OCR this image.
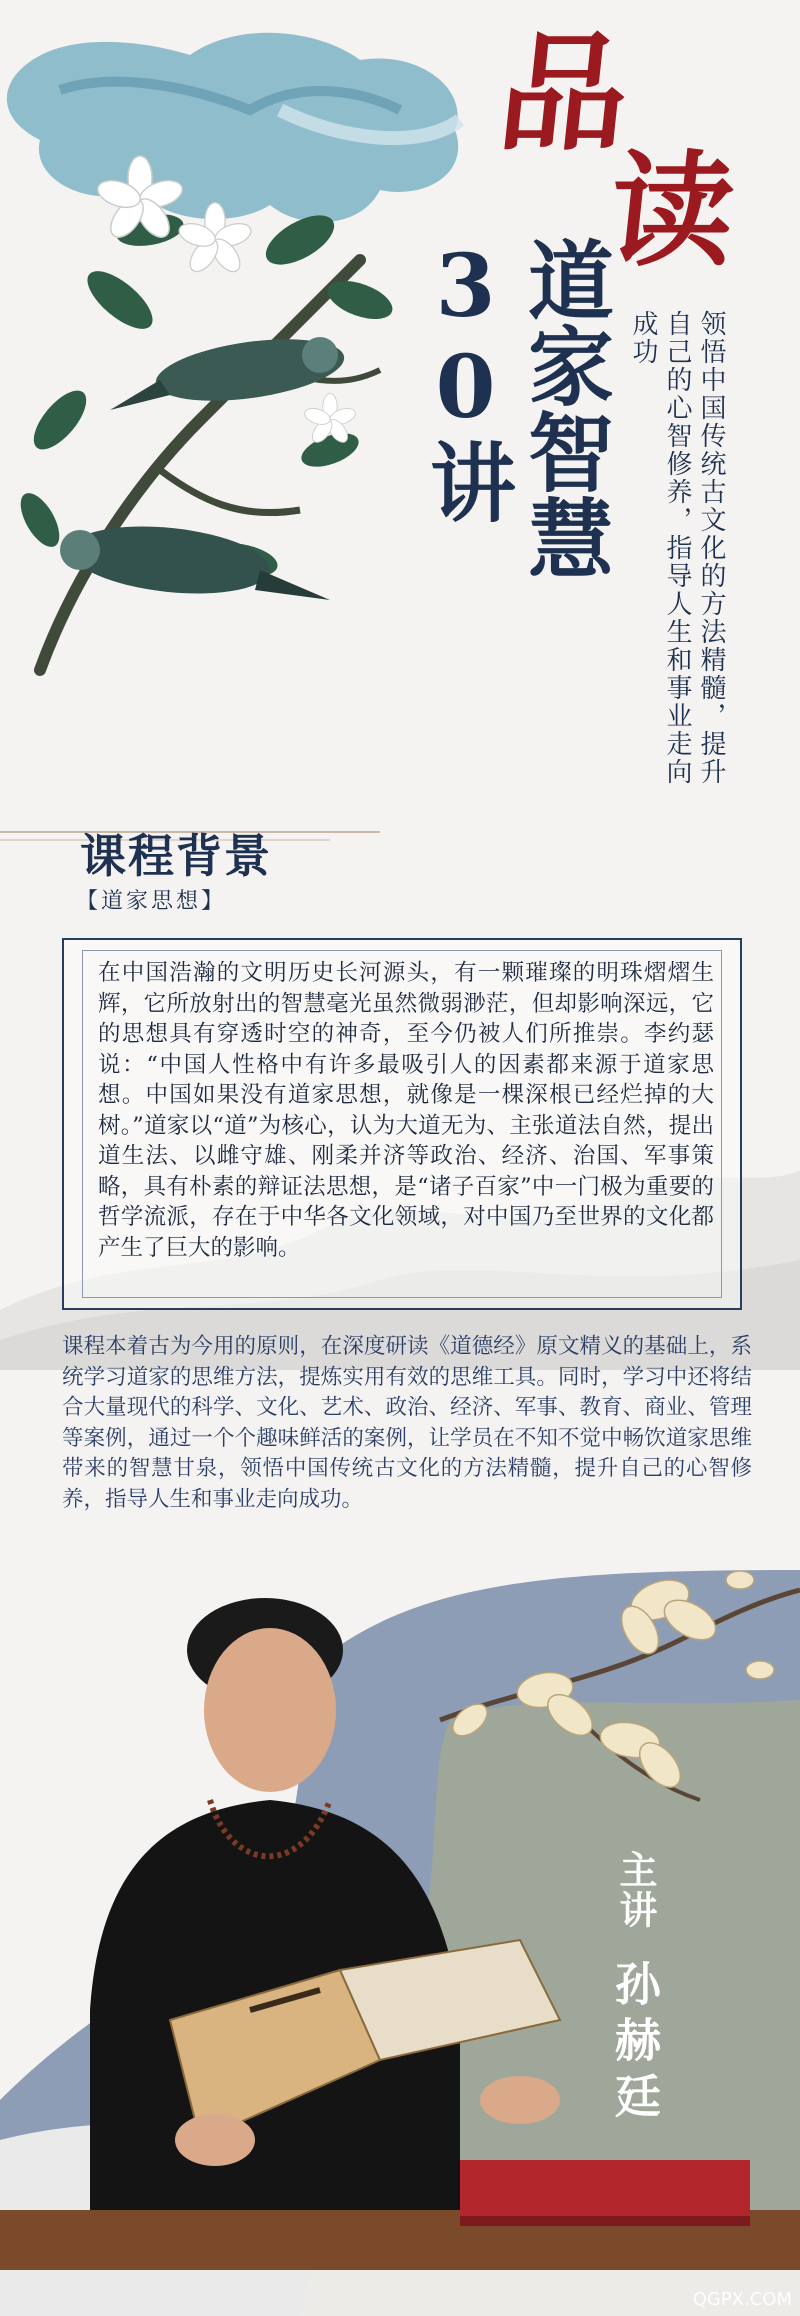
品
读
道家智慧30讲	领悟中国传统古文化的方法精髓，提升自己的心智修养，指导人生和事业走向成功
课程背景
【道家思想】
在中国浩瀚的文明历史长河源头，有一颗璀璨的明珠熠熠生辉，它所放射出的智慧毫光虽然微弱渺茫，但却影响深远，它的思想具有穿透时空的神奇，至今仍被人们所推崇。李约瑟说：“中国人性格中有许多最吸引人的因素都来源于道家思想。中国如果没有道家思想，就像是一棵深根已经烂掉的大树。”道家以“道”为核心，认为大道无为、主张道法自然，提出道生法、以雌守雄、刚柔并济等政治、经济、治国、军事策略，具有朴素的辩证法思想，是“诸子百家”中一门极为重要的哲学流派，存在于中华各文化领域，对中国乃至世界的文化都产生了巨大的影响。
课程本着古为今用的原则，在深度研读《道德经》原文精义的基础上，系统学习道家的思维方法，提炼实用有效的思维工具。同时，学习中还将结合大量现代的科学、文化、艺术、政治、经济、军事、教育、商业、管理等案例，通过一个个趣味鲜活的案例，让学员在不知不觉中畅饮道家思维带来的智慧甘泉，领悟中国传统古文化的方法精髓，提升自己的心智修养，指导人生和事业走向成功。
主讲
孙赫廷
QGPX.COM
